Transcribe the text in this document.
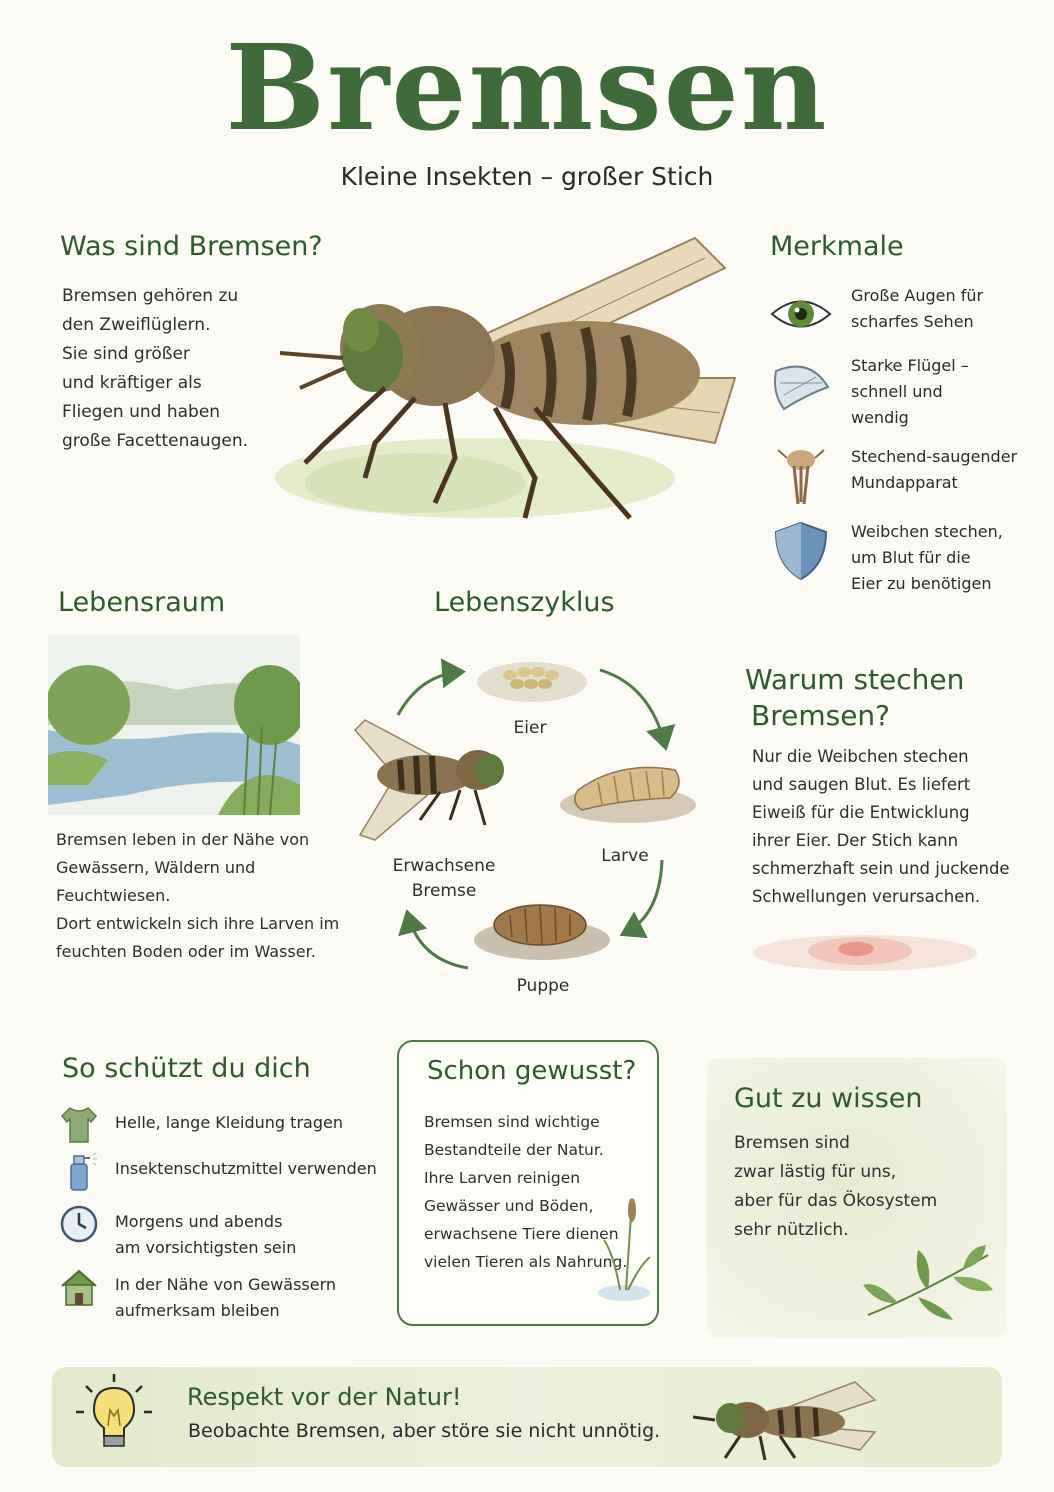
Bremsen
Kleine Insekten – großer Stich
Was sind Bremsen?
Bremsen gehören zu
den Zweiflüglern.
Sie sind größer
und kräftiger als
Fliegen und haben
große Facettenaugen.
Merkmale
Große Augen für
scharfes Sehen
Starke Flügel –
schnell und
wendig
Stechend-saugender
Mundapparat
Weibchen stechen,
um Blut für die
Eier zu benötigen
Lebensraum
Bremsen leben in der Nähe von
Gewässern, Wäldern und Feuchtwiesen.
Dort entwickeln sich ihre Larven im
feuchten Boden oder im Wasser.
Lebenszyklus
Eier
Larve
Puppe
Erwachsene
Bremse
Warum stechen
Bremsen?
Nur die Weibchen stechen
und saugen Blut. Es liefert
Eiweiß für die Entwicklung
ihrer Eier. Der Stich kann
schmerzhaft sein und juckende
Schwellungen verursachen.
So schützt du dich
Helle, lange Kleidung tragen
Insektenschutzmittel verwenden
Morgens und abends
am vorsichtigsten sein
In der Nähe von Gewässern
aufmerksam bleiben
Schon gewusst?
Bremsen sind wichtige
Bestandteile der Natur.
Ihre Larven reinigen
Gewässer und Böden,
erwachsene Tiere dienen
vielen Tieren als Nahrung.
Gut zu wissen
Bremsen sind
zwar lästig für uns,
aber für das Ökosystem
sehr nützlich.
Respekt vor der Natur!
Beobachte Bremsen, aber störe sie nicht unnötig.
